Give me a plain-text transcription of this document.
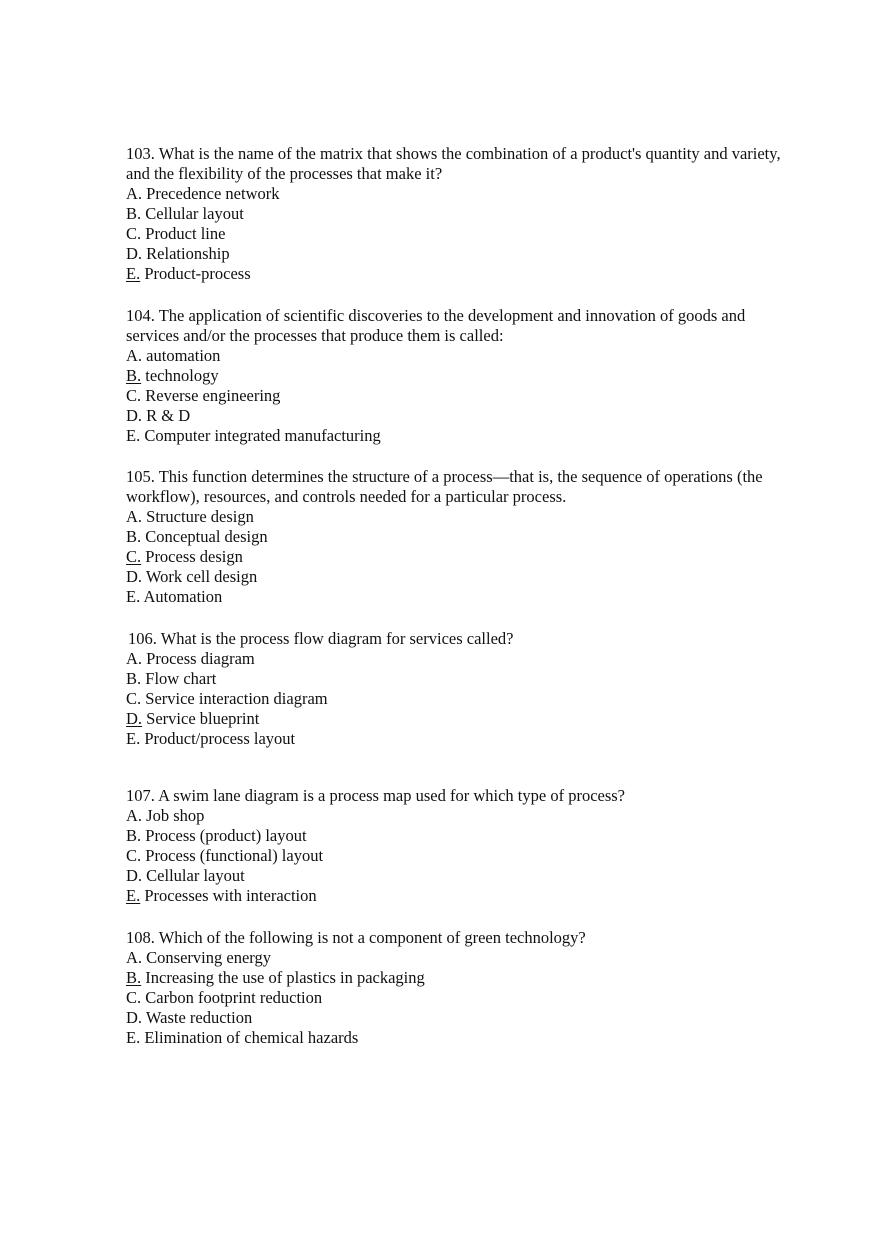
103. What is the name of the matrix that shows the combination of a product's quantity and variety, and the flexibility of the processes that make it?

A. Precedence network
B. Cellular layout
C. Product line
D. Relationship
E. Product-process

104. The application of scientific discoveries to the development and innovation of goods and services and/or the processes that produce them is called:

A. automation
B. technology
C. Reverse engineering
D. R & D
E. Computer integrated manufacturing

105. This function determines the structure of a process—that is, the sequence of operations (the workflow), resources, and controls needed for a particular process.

A. Structure design
B. Conceptual design
C. Process design
D. Work cell design
E. Automation

106. What is the process flow diagram for services called?

A. Process diagram
B. Flow chart
C. Service interaction diagram
D. Service blueprint
E. Product/process layout

107. A swim lane diagram is a process map used for which type of process?

A. Job shop
B. Process (product) layout
C. Process (functional) layout
D. Cellular layout
E. Processes with interaction

108. Which of the following is not a component of green technology?

A. Conserving energy
B. Increasing the use of plastics in packaging
C. Carbon footprint reduction
D. Waste reduction
E. Elimination of chemical hazards
